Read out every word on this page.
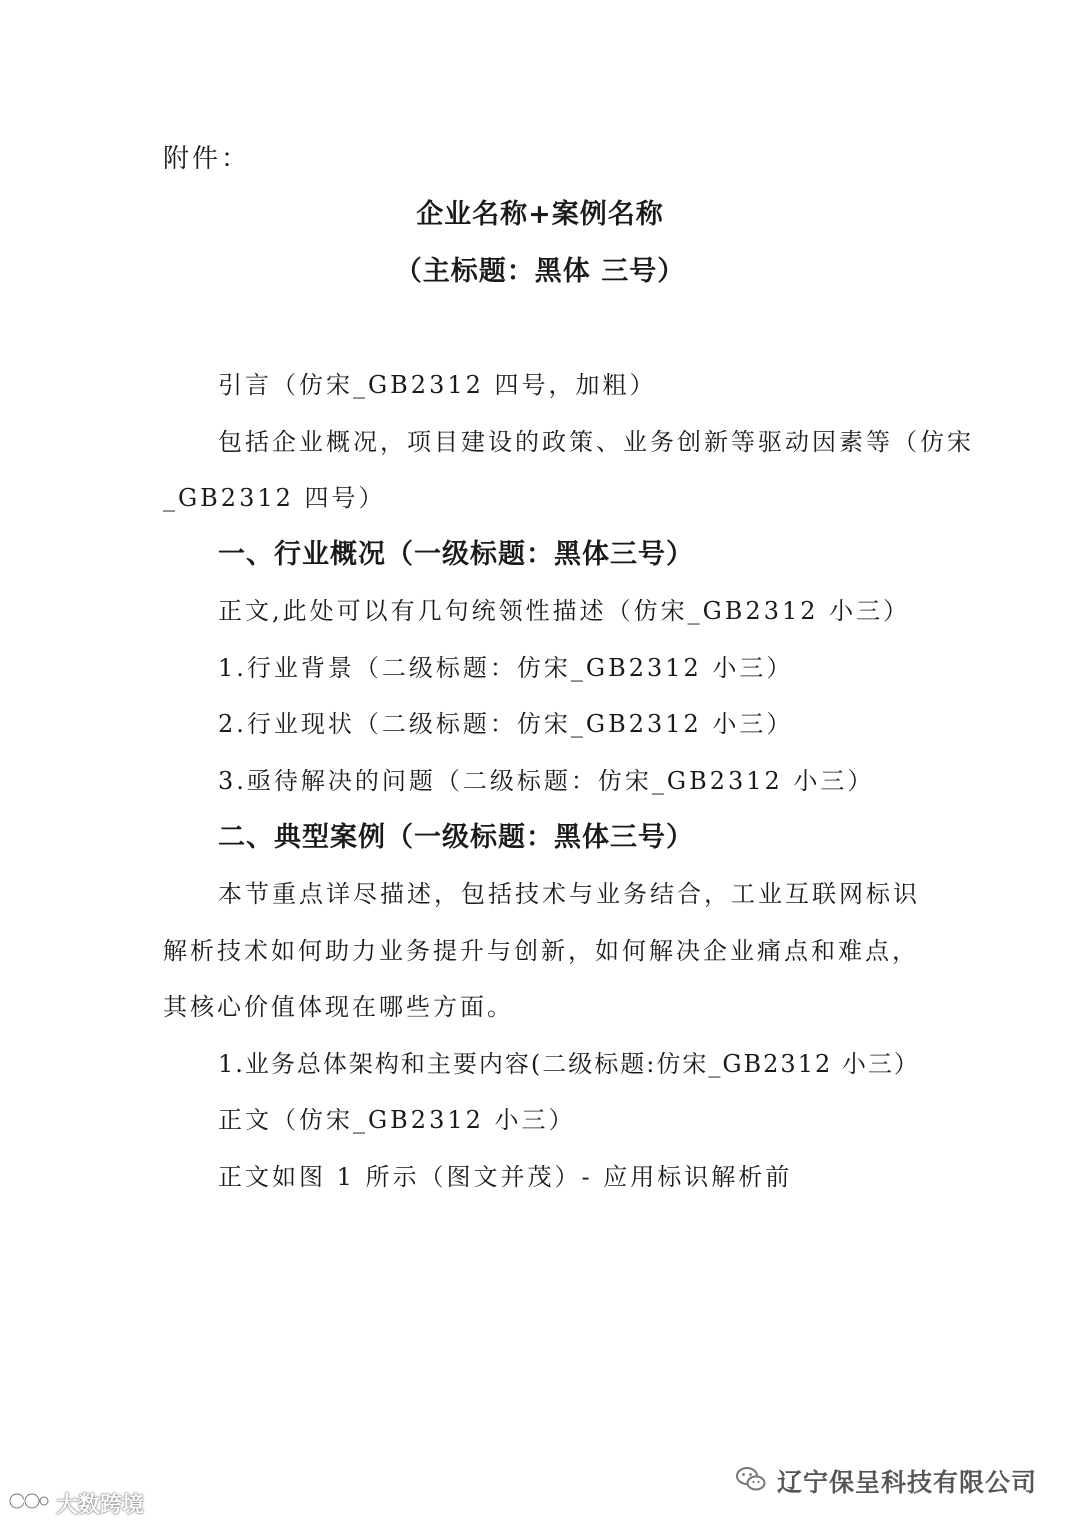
附件：
企业名称+案例名称
（主标题：黑体 三号）
引言（仿宋_GB2312 四号，加粗）
包括企业概况，项目建设的政策、业务创新等驱动因素等（仿宋
_GB2312 四号）
一、行业概况（一级标题：黑体三号）
正文,此处可以有几句统领性描述（仿宋_GB2312 小三）
1.行业背景（二级标题：仿宋_GB2312 小三）
2.行业现状（二级标题：仿宋_GB2312 小三）
3.亟待解决的问题（二级标题：仿宋_GB2312 小三）
二、典型案例（一级标题：黑体三号）
本节重点详尽描述，包括技术与业务结合，工业互联网标识
解析技术如何助力业务提升与创新，如何解决企业痛点和难点，
其核心价值体现在哪些方面。
1.业务总体架构和主要内容(二级标题:仿宋_GB2312 小三）
正文（仿宋_GB2312 小三）
正文如图 1 所示（图文并茂）- 应用标识解析前
辽宁保呈科技有限公司
大数跨境
